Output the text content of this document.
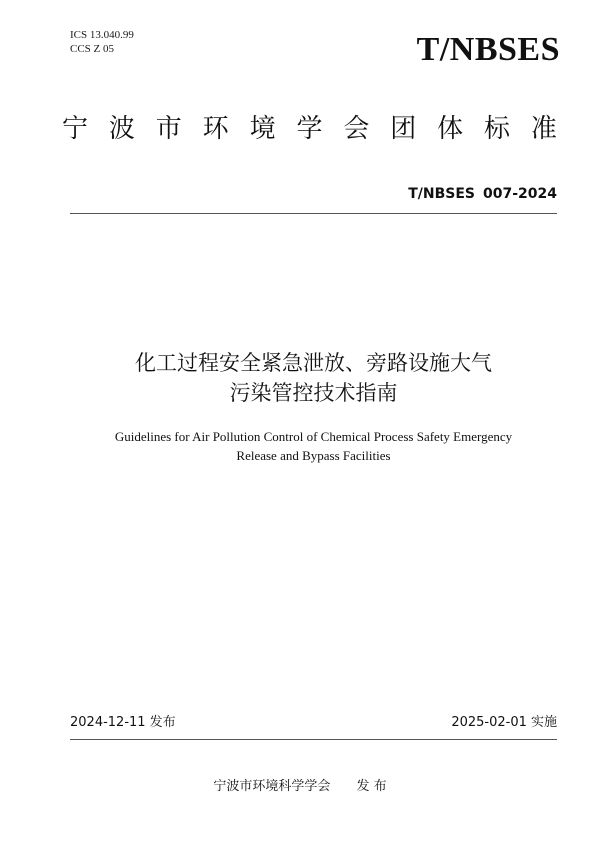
ICS 13.040.99
CCS Z 05	T/NBSES
宁 波 市 环 境 学 会 团 体 标 准
T/NBSES 007-2024
化工过程安全紧急泄放、旁路设施大气
污染管控技术指南
Guidelines for Air Pollution Control of Chemical Process Safety Emergency
Release and Bypass Facilities
2024-12-11 发布	2025-02-01 实施
宁波市环境科学学会 发 布
